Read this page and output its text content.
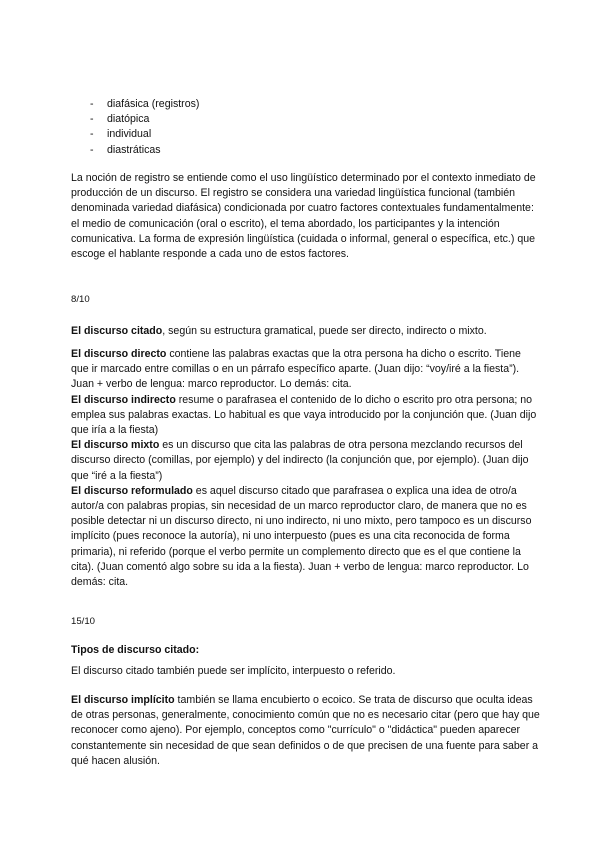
- diafásica (registros)
- diatópica
- individual
- diastráticas

La noción de registro se entiende como el uso lingüístico determinado por el contexto inmediato de producción de un discurso. El registro se considera una variedad lingüística funcional (también denominada variedad diafásica) condicionada por cuatro factores contextuales fundamentalmente: el medio de comunicación (oral o escrito), el tema abordado, los participantes y la intención comunicativa. La forma de expresión lingüística (cuidada o informal, general o específica, etc.) que escoge el hablante responde a cada uno de estos factores.

8/10

El discurso citado, según su estructura gramatical, puede ser directo, indirecto o mixto.

El discurso directo contiene las palabras exactas que la otra persona ha dicho o escrito. Tiene que ir marcado entre comillas o en un párrafo específico aparte. (Juan dijo: “voy/iré a la fiesta”). Juan + verbo de lengua: marco reproductor. Lo demás: cita.

El discurso indirecto resume o parafrasea el contenido de lo dicho o escrito pro otra persona; no emplea sus palabras exactas. Lo habitual es que vaya introducido por la conjunción que. (Juan dijo que iría a la fiesta)

El discurso mixto es un discurso que cita las palabras de otra persona mezclando recursos del discurso directo (comillas, por ejemplo) y del indirecto (la conjunción que, por ejemplo). (Juan dijo que “iré a la fiesta”)

El discurso reformulado es aquel discurso citado que parafrasea o explica una idea de otro/a autor/a con palabras propias, sin necesidad de un marco reproductor claro, de manera que no es posible detectar ni un discurso directo, ni uno indirecto, ni uno mixto, pero tampoco es un discurso implícito (pues reconoce la autoría), ni uno interpuesto (pues es una cita reconocida de forma primaria), ni referido (porque el verbo permite un complemento directo que es el que contiene la cita). (Juan comentó algo sobre su ida a la fiesta). Juan + verbo de lengua: marco reproductor. Lo demás: cita.

15/10

Tipos de discurso citado:

El discurso citado también puede ser implícito, interpuesto o referido.

El discurso implícito también se llama encubierto o ecoico. Se trata de discurso que oculta ideas de otras personas, generalmente, conocimiento común que no es necesario citar (pero que hay que reconocer como ajeno). Por ejemplo, conceptos como "currículo" o "didáctica" pueden aparecer constantemente sin necesidad de que sean definidos o de que precisen de una fuente para saber a qué hacen alusión.
